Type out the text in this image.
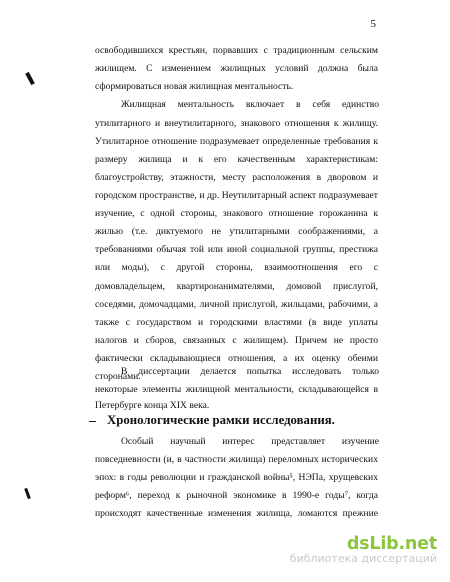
5
освободившихся крестьян, порвавших с традиционным сельским
жилищем. С изменением жилищных условий должна была
сформироваться новая жилищная ментальность.
Жилищная ментальность включает в себя единство
утилитарного и внеутилитарного, знакового отношения к жилищу.
Утилитарное отношение подразумевает определенные требования к
размеру жилища и к его качественным характеристикам:
благоустройству, этажности, месту расположения в дворовом и
городском пространстве, и др. Неутилитарный аспект подразумевает
изучение, с одной стороны, знакового отношение горожанина к
жилью (т.е. диктуемого не утилитарными соображениями, а
требованиями обычая той или иной социальной группы, престижа
или моды), с другой стороны, взаимоотношения его с
домовладельцем, квартиронанимателями, домовой прислугой,
соседями, домочадцами, личной прислугой, жильцами, рабочими, а
также с государством и городскими властями (в виде уплаты
налогов и сборов, связанных с жилищем). Причем не просто
фактически складывающиеся отношения, а их оценку обеими
сторонами.
В диссертации делается попытка исследовать только
некоторые элементы жилищной ментальности, складывающейся в
Петербурге конца XIX века.
Хронологические рамки исследования.
Особый научный интерес представляет изучение
повседневности (и, в частности жилища) переломных исторических
эпох: в годы революции и гражданской войны⁵, НЭПа, хрущевских
реформ⁶, переход к рыночной экономике в 1990-е годы⁷, когда
происходят качественные изменения жилища, ломаются прежние
dsLib.net
библиотека диссертаций
